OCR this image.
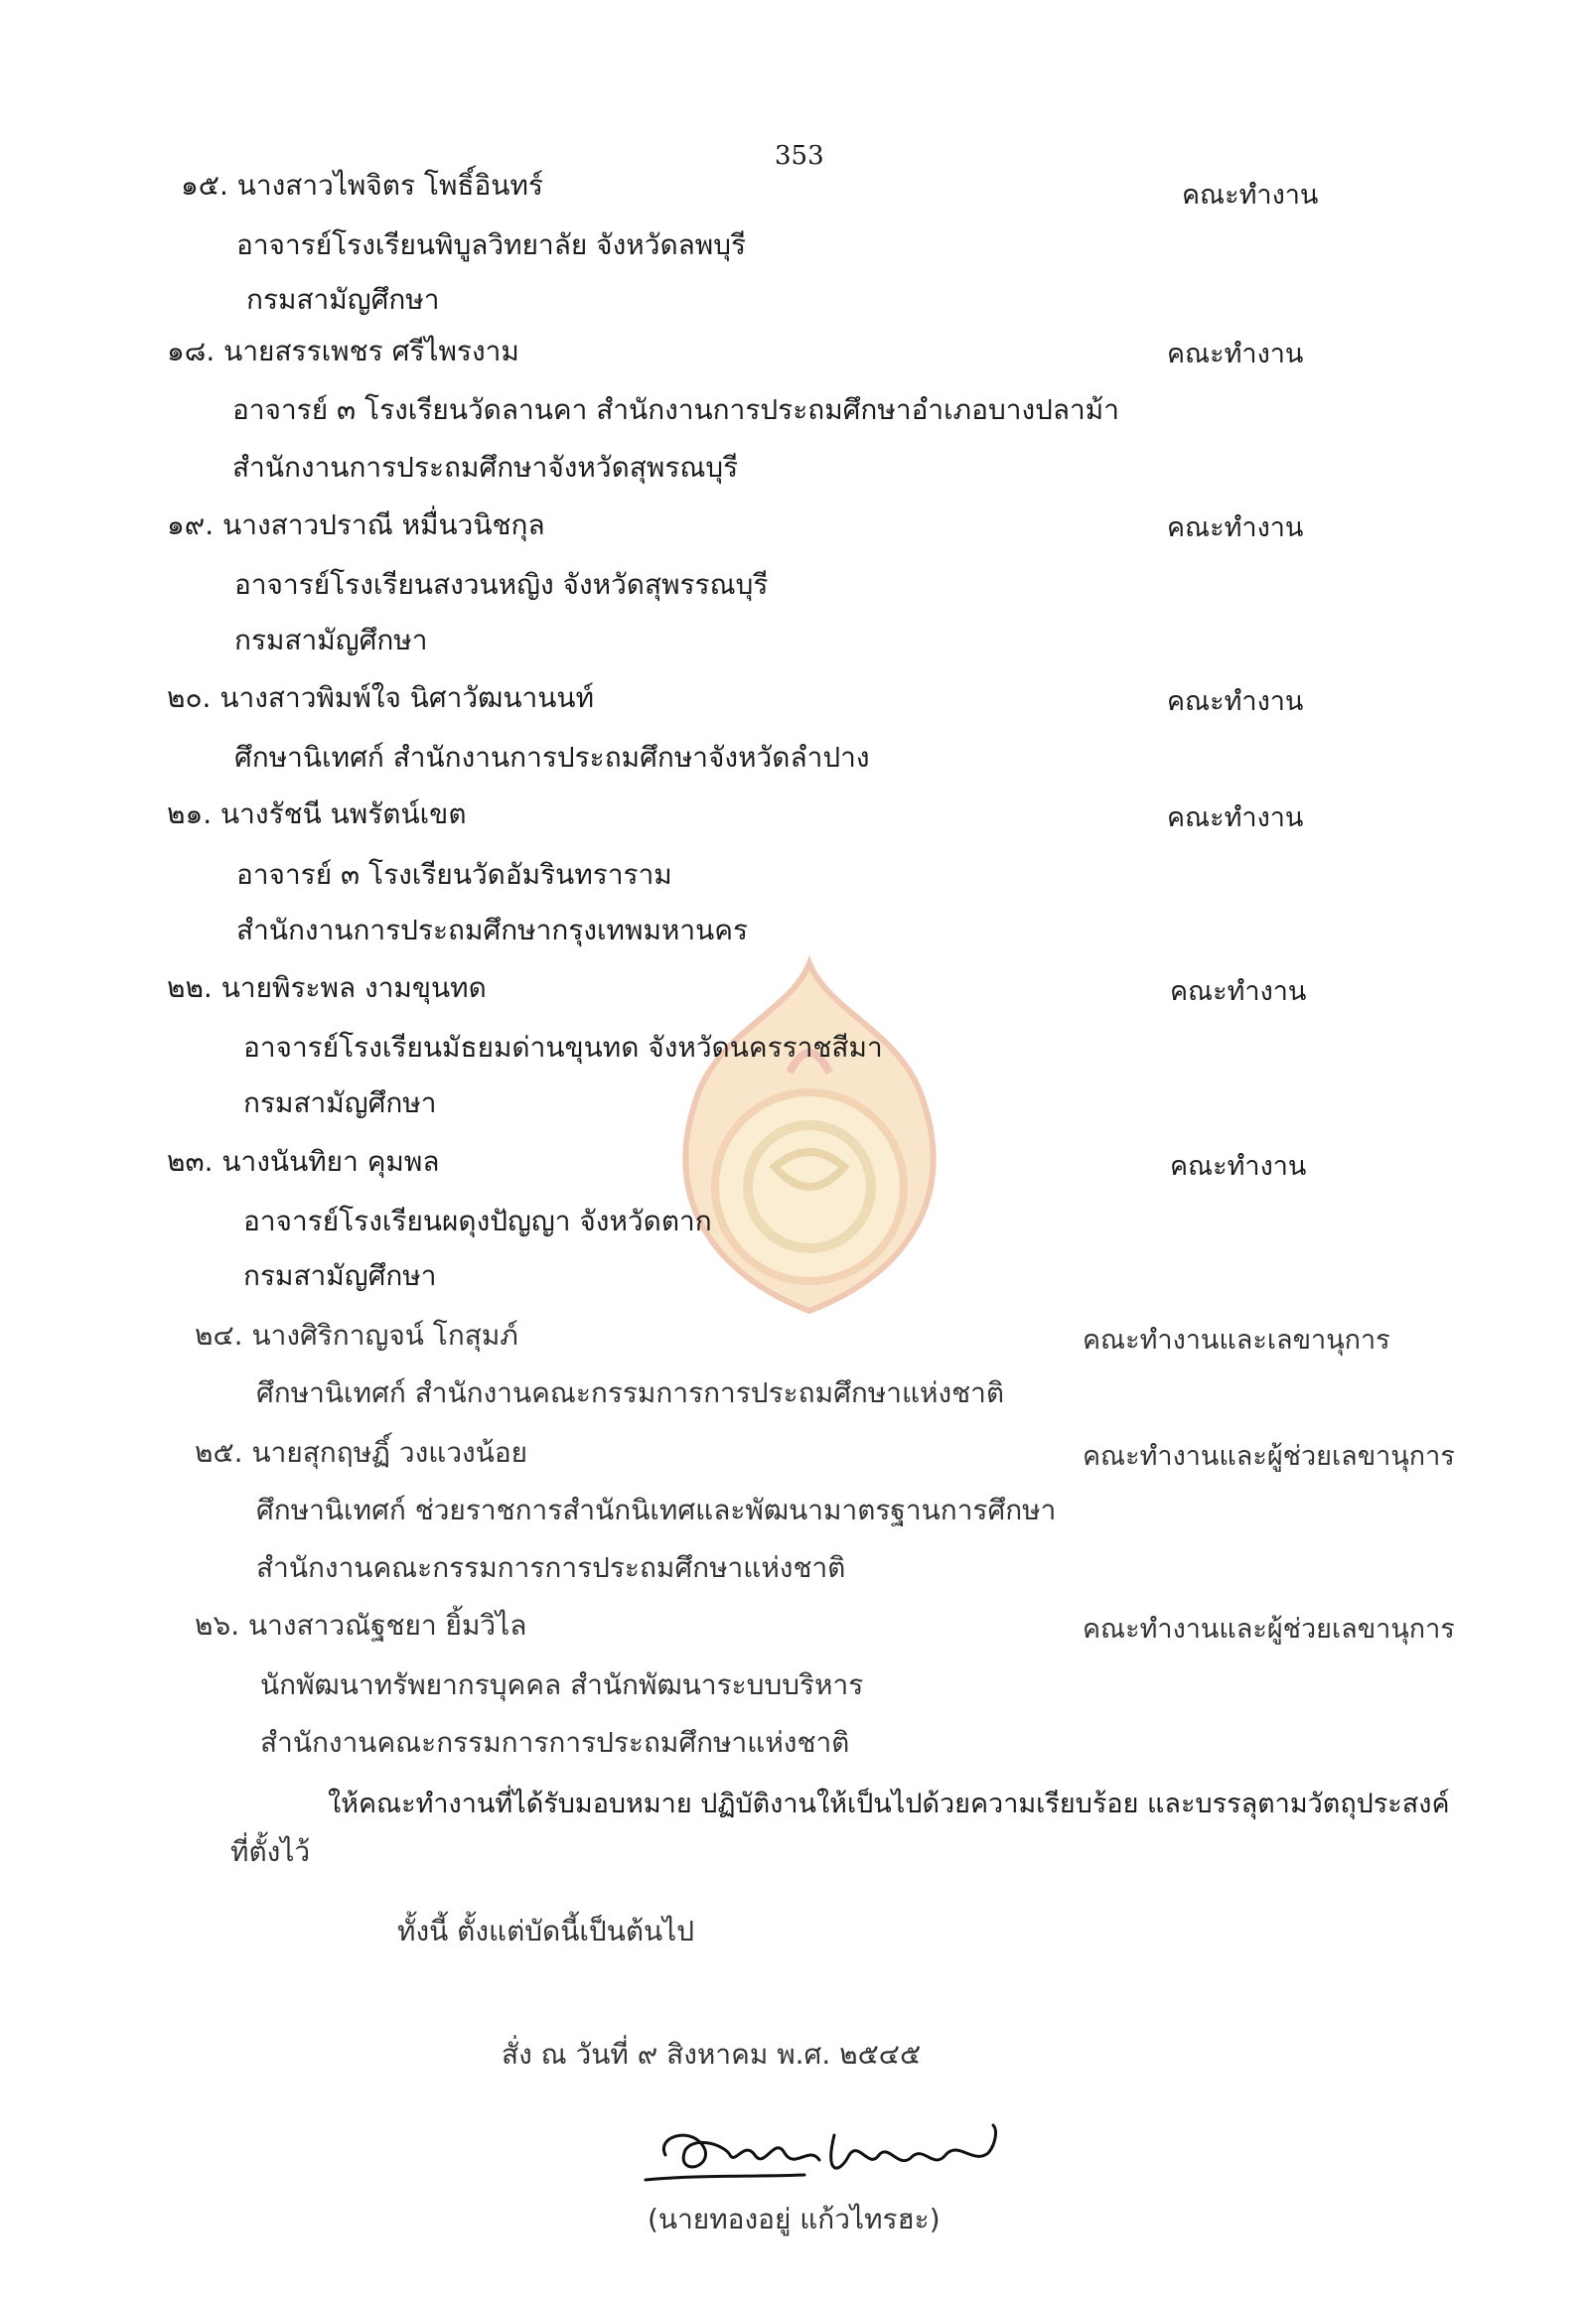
353
๑๕. นางสาวไพจิตร โพธิ์อินทร์	คณะทำงาน
อาจารย์โรงเรียนพิบูลวิทยาลัย จังหวัดลพบุรี
กรมสามัญศึกษา
๑๘. นายสรรเพชร ศรีไพรงาม	คณะทำงาน
อาจารย์ ๓ โรงเรียนวัดลานคา สำนักงานการประถมศึกษาอำเภอบางปลาม้า
สำนักงานการประถมศึกษาจังหวัดสุพรณบุรี
๑๙. นางสาวปราณี หมื่นวนิชกุล	คณะทำงาน
อาจารย์โรงเรียนสงวนหญิง จังหวัดสุพรรณบุรี
กรมสามัญศึกษา
๒๐. นางสาวพิมพ์ใจ นิศาวัฒนานนท์	คณะทำงาน
ศึกษานิเทศก์ สำนักงานการประถมศึกษาจังหวัดลำปาง
๒๑. นางรัชนี นพรัตน์เขต	คณะทำงาน
อาจารย์ ๓ โรงเรียนวัดอัมรินทราราม
สำนักงานการประถมศึกษากรุงเทพมหานคร
๒๒. นายพิระพล งามขุนทด	คณะทำงาน
อาจารย์โรงเรียนมัธยมด่านขุนทด จังหวัดนครราชสีมา
กรมสามัญศึกษา
๒๓. นางนันทิยา คุมพล	คณะทำงาน
อาจารย์โรงเรียนผดุงปัญญา จังหวัดตาก
กรมสามัญศึกษา
๒๔. นางศิริกาญจน์ โกสุมภ์	คณะทำงานและเลขานุการ
ศึกษานิเทศก์ สำนักงานคณะกรรมการการประถมศึกษาแห่งชาติ
๒๕. นายสุกฤษฏิ์ วงแวงน้อย	คณะทำงานและผู้ช่วยเลขานุการ
ศึกษานิเทศก์ ช่วยราชการสำนักนิเทศและพัฒนามาตรฐานการศึกษา
สำนักงานคณะกรรมการการประถมศึกษาแห่งชาติ
๒๖. นางสาวณัฐชยา ยิ้มวิไล	คณะทำงานและผู้ช่วยเลขานุการ
นักพัฒนาทรัพยากรบุคคล สำนักพัฒนาระบบบริหาร
สำนักงานคณะกรรมการการประถมศึกษาแห่งชาติ
ให้คณะทำงานที่ได้รับมอบหมาย ปฏิบัติงานให้เป็นไปด้วยความเรียบร้อย และบรรลุตามวัตถุประสงค์
ที่ตั้งไว้
ทั้งนี้ ตั้งแต่บัดนี้เป็นต้นไป
สั่ง ณ วันที่ ๙ สิงหาคม พ.ศ. ๒๕๔๕
(นายทองอยู่ แก้วไทรฮะ)
